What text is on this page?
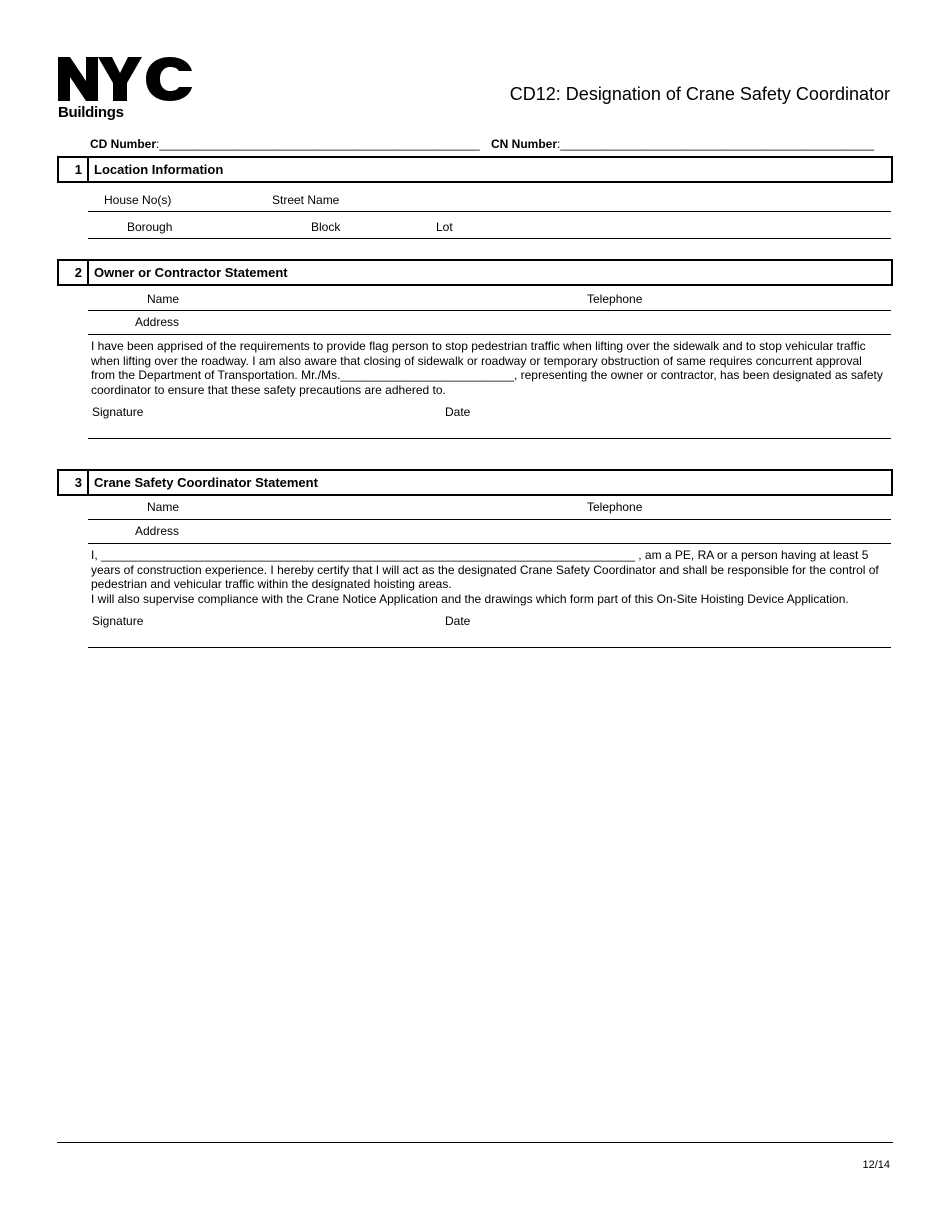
Buildings
CD12: Designation of Crane Safety Coordinator
CD Number:________________________________________________ CN Number:_______________________________________________
1 Location Information
House No(s)	Street Name
Borough	Block	Lot
2 Owner or Contractor Statement
Name	Telephone
Address
I have been apprised of the requirements to provide flag person to stop pedestrian traffic when lifting over the sidewalk and to stop vehicular traffic when lifting over the roadway. I am also aware that closing of sidewalk or roadway or temporary obstruction of same requires concurrent approval from the Department of Transportation. Mr./Ms.__________________________, representing the owner or contractor, has been designated as safety coordinator to ensure that these safety precautions are adhered to.
Signature	Date
3 Crane Safety Coordinator Statement
Name	Telephone
Address
I, ________________________________________________________________________________ , am a PE, RA or a person having at least 5 years of construction experience. I hereby certify that I will act as the designated Crane Safety Coordinator and shall be responsible for the control of pedestrian and vehicular traffic within the designated hoisting areas.
I will also supervise compliance with the Crane Notice Application and the drawings which form part of this On-Site Hoisting Device Application.
Signature	Date
12/14
